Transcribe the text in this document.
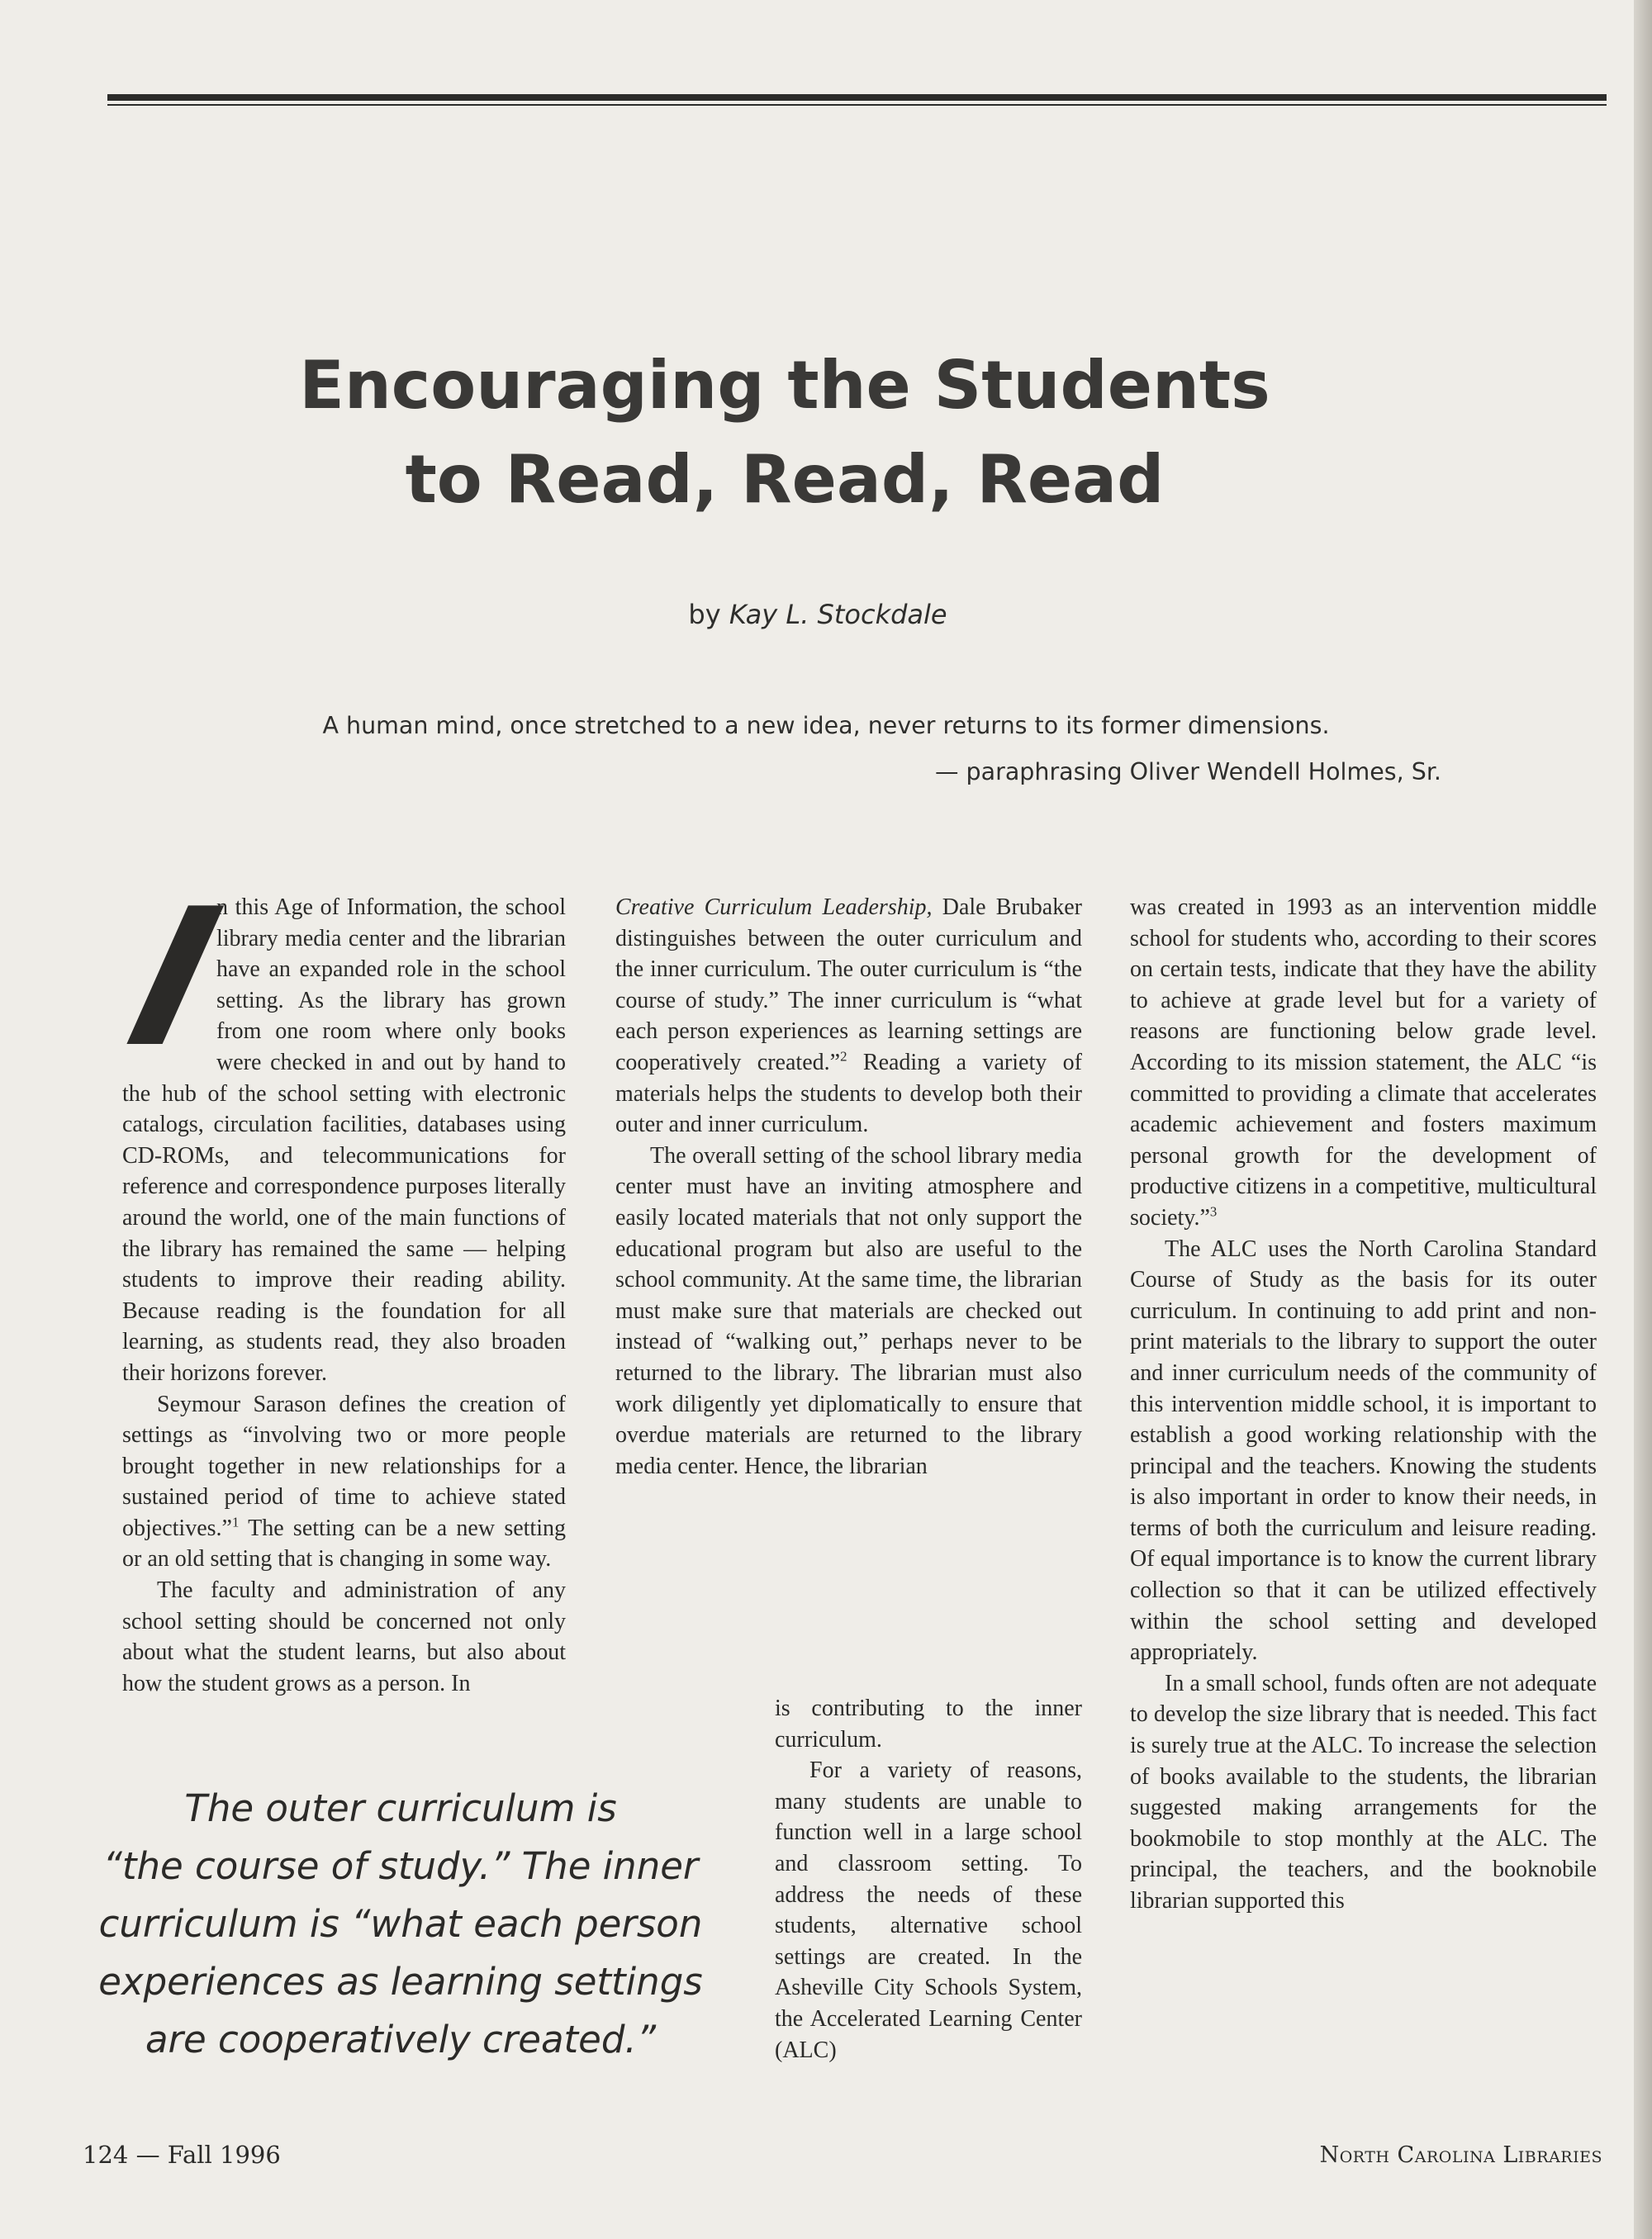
Encouraging the Students
to Read, Read, Read
by Kay L. Stockdale
A human mind, once stretched to a new idea, never returns to its former dimensions.
— paraphrasing Oliver Wendell Holmes, Sr.

I
n this Age of Information, the school library media center and the librarian have an expanded role in the school setting. As the library has grown from one room where only books were checked in and out by hand to the hub of the school setting with electronic catalogs, circulation facilities, databases using CD-ROMs, and telecommunications for reference and correspondence purposes literally around the world, one of the main functions of the library has remained the same — helping students to improve their reading ability. Because reading is the foundation for all learning, as students read, they also broaden their horizons forever.

Seymour Sarason defines the creation of settings as “involving two or more people brought together in new relationships for a sustained period of time to achieve stated objectives.”$^1$ The setting can be a new setting or an old setting that is changing in some way.

The faculty and administration of any school setting should be concerned not only about what the student learns, but also about how the student grows as a person. In

Creative Curriculum Leadership, Dale Brubaker distinguishes between the outer curriculum and the inner curriculum. The outer curriculum is “the course of study.” The inner curriculum is “what each person experiences as learning settings are cooperatively created.”$^2$ Reading a variety of materials helps the students to develop both their outer and inner curriculum.

The overall setting of the school library media center must have an inviting atmosphere and easily located materials that not only support the educational program but also are useful to the school community. At the same time, the librarian must make sure that materials are checked out instead of “walking out,” perhaps never to be returned to the library. The librarian must also work diligently yet diplomatically to ensure that overdue materials are returned to the library media center. Hence, the librarian

is contributing to the inner curriculum.

For a variety of reasons, many students are unable to function well in a large school and classroom setting. To address the needs of these students, alternative school settings are created. In the Asheville City Schools System, the Accelerated Learning Center (ALC)

was created in 1993 as an intervention middle school for students who, according to their scores on certain tests, indicate that they have the ability to achieve at grade level but for a variety of reasons are functioning below grade level. According to its mission statement, the ALC “is committed to providing a climate that accelerates academic achievement and fosters maximum personal growth for the development of productive citizens in a competitive, multicultural society.”$^3$

The ALC uses the North Carolina Standard Course of Study as the basis for its outer curriculum. In continuing to add print and non-print materials to the library to support the outer and inner curriculum needs of the community of this intervention middle school, it is important to establish a good working relationship with the principal and the teachers. Knowing the students is also important in order to know their needs, in terms of both the curriculum and leisure reading. Of equal importance is to know the current library collection so that it can be utilized effectively within the school setting and developed appropriately.

In a small school, funds often are not adequate to develop the size library that is needed. This fact is surely true at the ALC. To increase the selection of books available to the students, the librarian suggested making arrangements for the bookmobile to stop monthly at the ALC. The principal, the teachers, and the booknobile librarian supported this

The outer curriculum is
“the course of study.” The inner
curriculum is “what each person
experiences as learning settings
are cooperatively created.”
124 — Fall 1996	North Carolina Libraries
